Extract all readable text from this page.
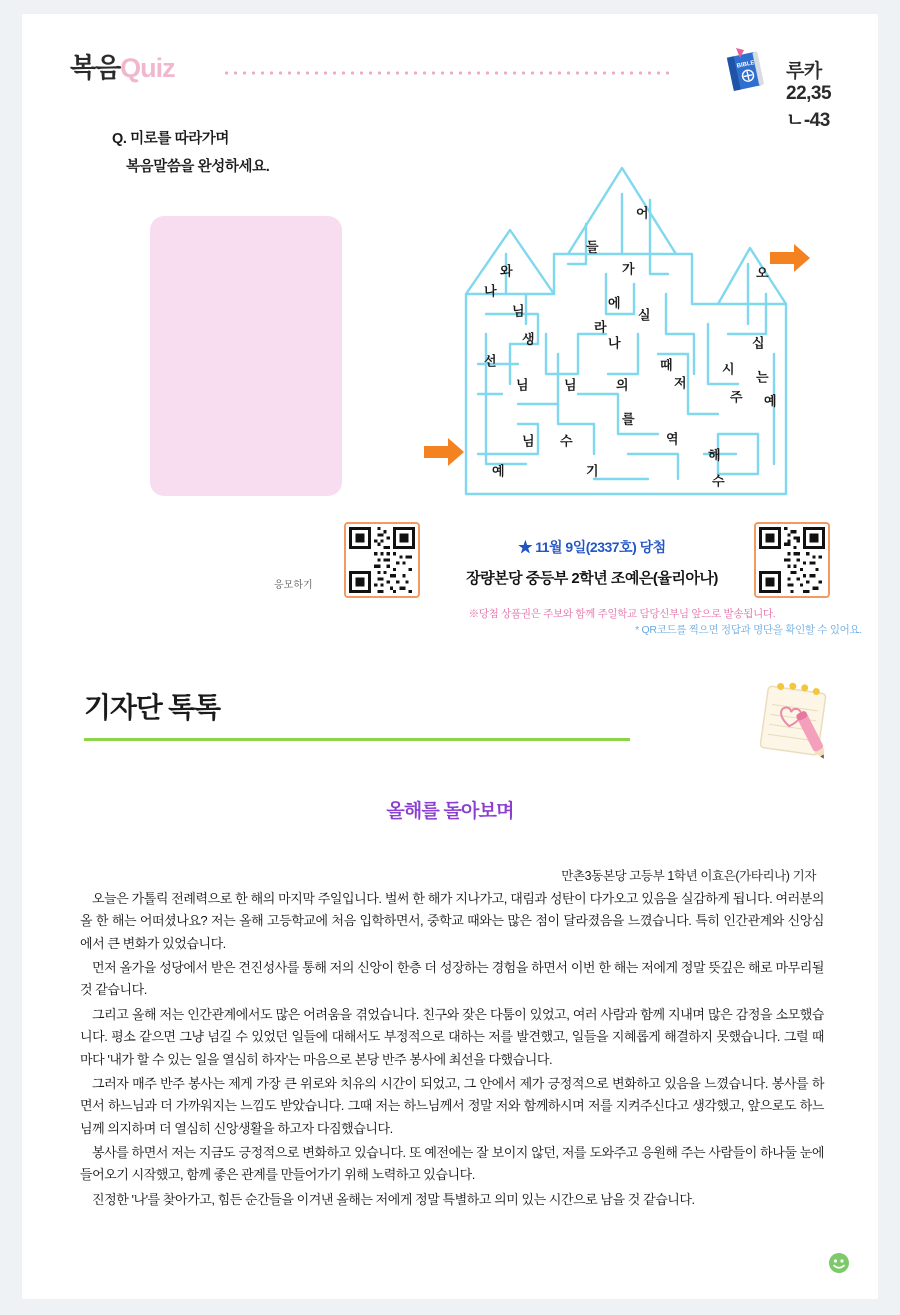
복음Quiz	BIBLE 루카 22,35ㄴ-43
Q. 미로를 따라가며
복음말씀을 완성하세요.
어
들
와	가	오
나
에
님	실
라
생	나	십
선	때	시
님	님	의	저	는
주 예
를
님 수	역
예	기
해
수
응모하기
★ 11월 9일(2337호) 당첨
장량본당 중등부 2학년 조예은(율리아나)
※당첨 상품권은 주보와 함께 주일학교 담당신부님 앞으로 발송됩니다.
* QR코드를 찍으면 정답과 명단을 확인할 수 있어요.
기자단 톡톡
올해를 돌아보며
만촌3동본당 고등부 1학년 이효은(가타리나) 기자

오늘은 가톨릭 전례력으로 한 해의 마지막 주일입니다. 벌써 한 해가 지나가고, 대림과 성탄이 다가오고 있음을 실감하게 됩니다. 여러분의 올 한 해는 어떠셨나요? 저는 올해 고등학교에 처음 입학하면서, 중학교 때와는 많은 점이 달라졌음을 느꼈습니다. 특히 인간관계와 신앙심에서 큰 변화가 있었습니다.

먼저 올가을 성당에서 받은 견진성사를 통해 저의 신앙이 한층 더 성장하는 경험을 하면서 이번 한 해는 저에게 정말 뜻깊은 해로 마무리될 것 같습니다.

그리고 올해 저는 인간관계에서도 많은 어려움을 겪었습니다. 친구와 잦은 다툼이 있었고, 여러 사람과 함께 지내며 많은 감정을 소모했습니다. 평소 같으면 그냥 넘길 수 있었던 일들에 대해서도 부정적으로 대하는 저를 발견했고, 일들을 지혜롭게 해결하지 못했습니다. 그럴 때마다 '내가 할 수 있는 일을 열심히 하자'는 마음으로 본당 반주 봉사에 최선을 다했습니다.

그러자 매주 반주 봉사는 제게 가장 큰 위로와 치유의 시간이 되었고, 그 안에서 제가 긍정적으로 변화하고 있음을 느꼈습니다. 봉사를 하면서 하느님과 더 가까워지는 느낌도 받았습니다. 그때 저는 하느님께서 정말 저와 함께하시며 저를 지켜주신다고 생각했고, 앞으로도 하느님께 의지하며 더 열심히 신앙생활을 하고자 다짐했습니다.

봉사를 하면서 저는 지금도 긍정적으로 변화하고 있습니다. 또 예전에는 잘 보이지 않던, 저를 도와주고 응원해 주는 사람들이 하나둘 눈에 들어오기 시작했고, 함께 좋은 관계를 만들어가기 위해 노력하고 있습니다.

진정한 '나'를 찾아가고, 힘든 순간들을 이겨낸 올해는 저에게 정말 특별하고 의미 있는 시간으로 남을 것 같습니다.
